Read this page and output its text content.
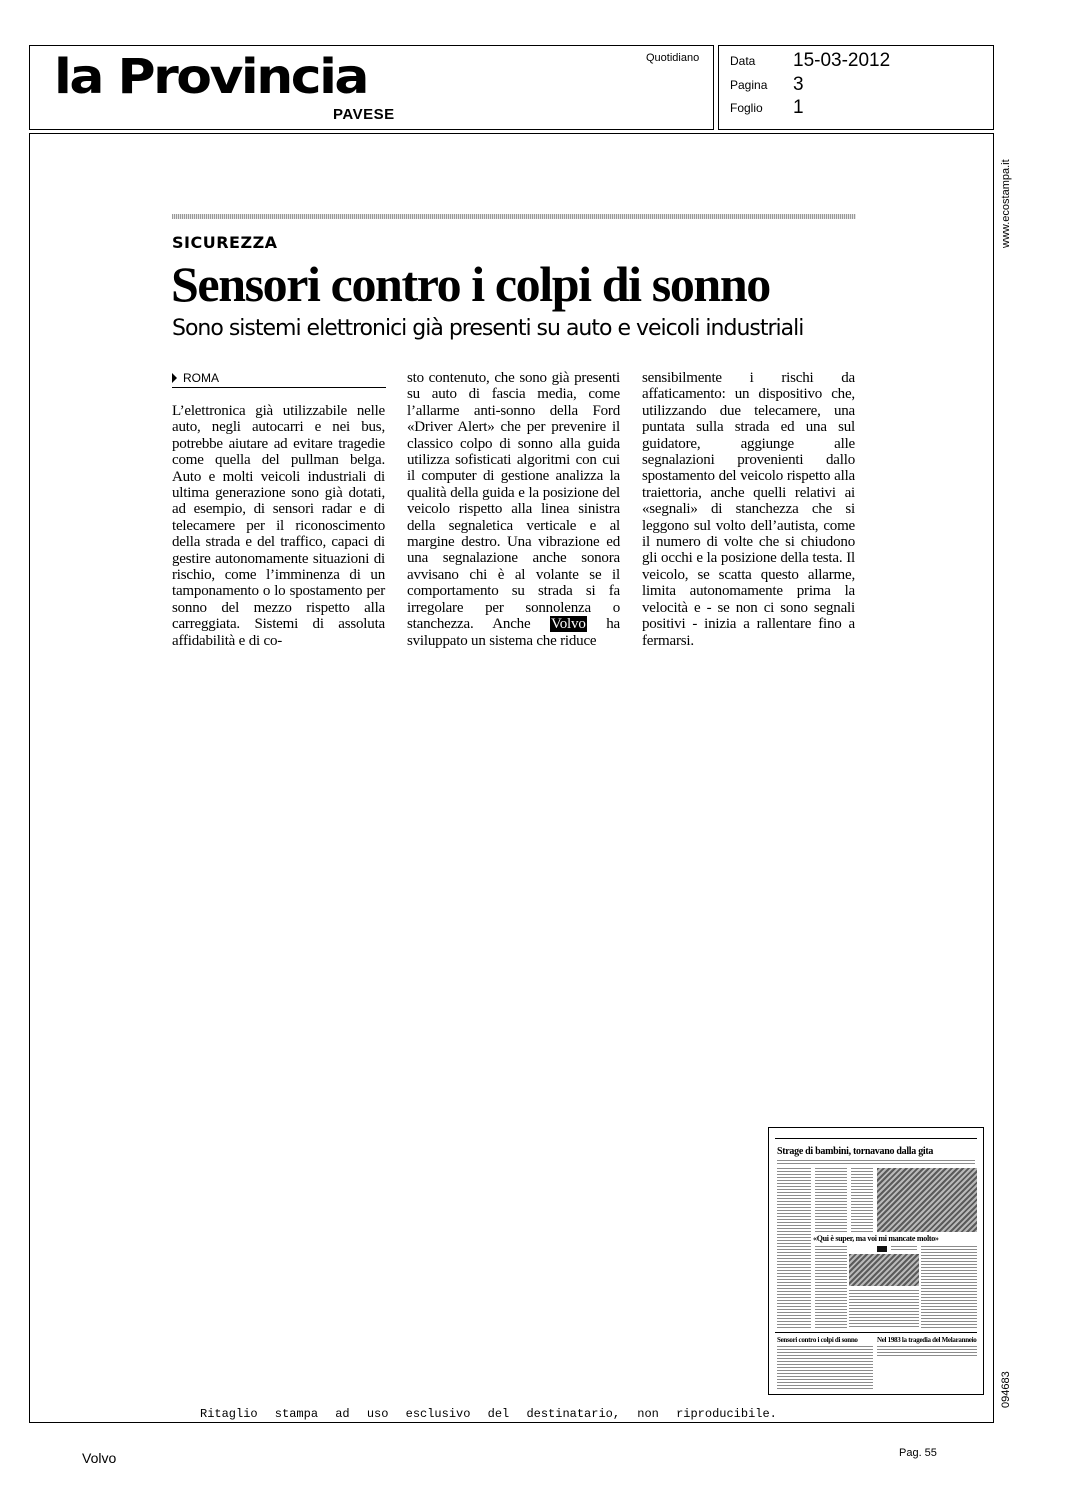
la Provincia
PAVESE
Quotidiano	Data 15-03-2012
Pagina 3
Foglio 1
www.ecostampa.it
094683
SICUREZZA
Sensori contro i colpi di sonno
Sono sistemi elettronici già presenti su auto e veicoli industriali
ROMA
L’elettronica già utilizzabile nelle auto, negli autocarri e nei bus, potrebbe aiutare ad evitare tragedie come quella del pullman belga. Auto e molti veicoli industriali di ultima generazione sono già dotati, ad esempio, di sensori radar e di telecamere per il riconoscimento della strada e del traffico, capaci di gestire autonomamente situazioni di rischio, come l’imminenza di un tamponamento o lo spostamento per sonno del mezzo rispetto alla carreggiata. Sistemi di assoluta affidabilità e di co-
sto contenuto, che sono già presenti su auto di fascia media, come l’allarme anti-sonno della Ford «Driver Alert» che per prevenire il classico colpo di sonno alla guida utilizza sofisticati algoritmi con cui il computer di gestione analizza la qualità della guida e la posizione del veicolo rispetto alla linea sinistra della segnaletica verticale e al margine destro. Una vibrazione ed una segnalazione anche sonora avvisano chi è al volante se il comportamento su strada si fa irregolare per sonnolenza o stanchezza. Anche Volvo ha sviluppato un sistema che riduce
sensibilmente i rischi da affaticamento: un dispositivo che, utilizzando due telecamere, una puntata sulla strada ed una sul guidatore, aggiunge alle segnalazioni provenienti dallo spostamento del veicolo rispetto alla traiettoria, anche quelli relativi ai «segnali» di stanchezza che si leggono sul volto dell’autista, come il numero di volte che si chiudono gli occhi e la posizione della testa. Il veicolo, se scatta questo allarme, limita autonomamente prima la velocità e - se non ci sono segnali positivi - inizia a rallentare fino a fermarsi.
Strage di bambini, tornavano dalla gita
«Qui è super, ma voi mi mancate molto»
Sensori contro i colpi di sonno	Nel 1983 la tragedia del Melaranneio
Ritaglio stampa ad uso esclusivo del destinatario, non riproducibile.
Volvo	Pag. 55
